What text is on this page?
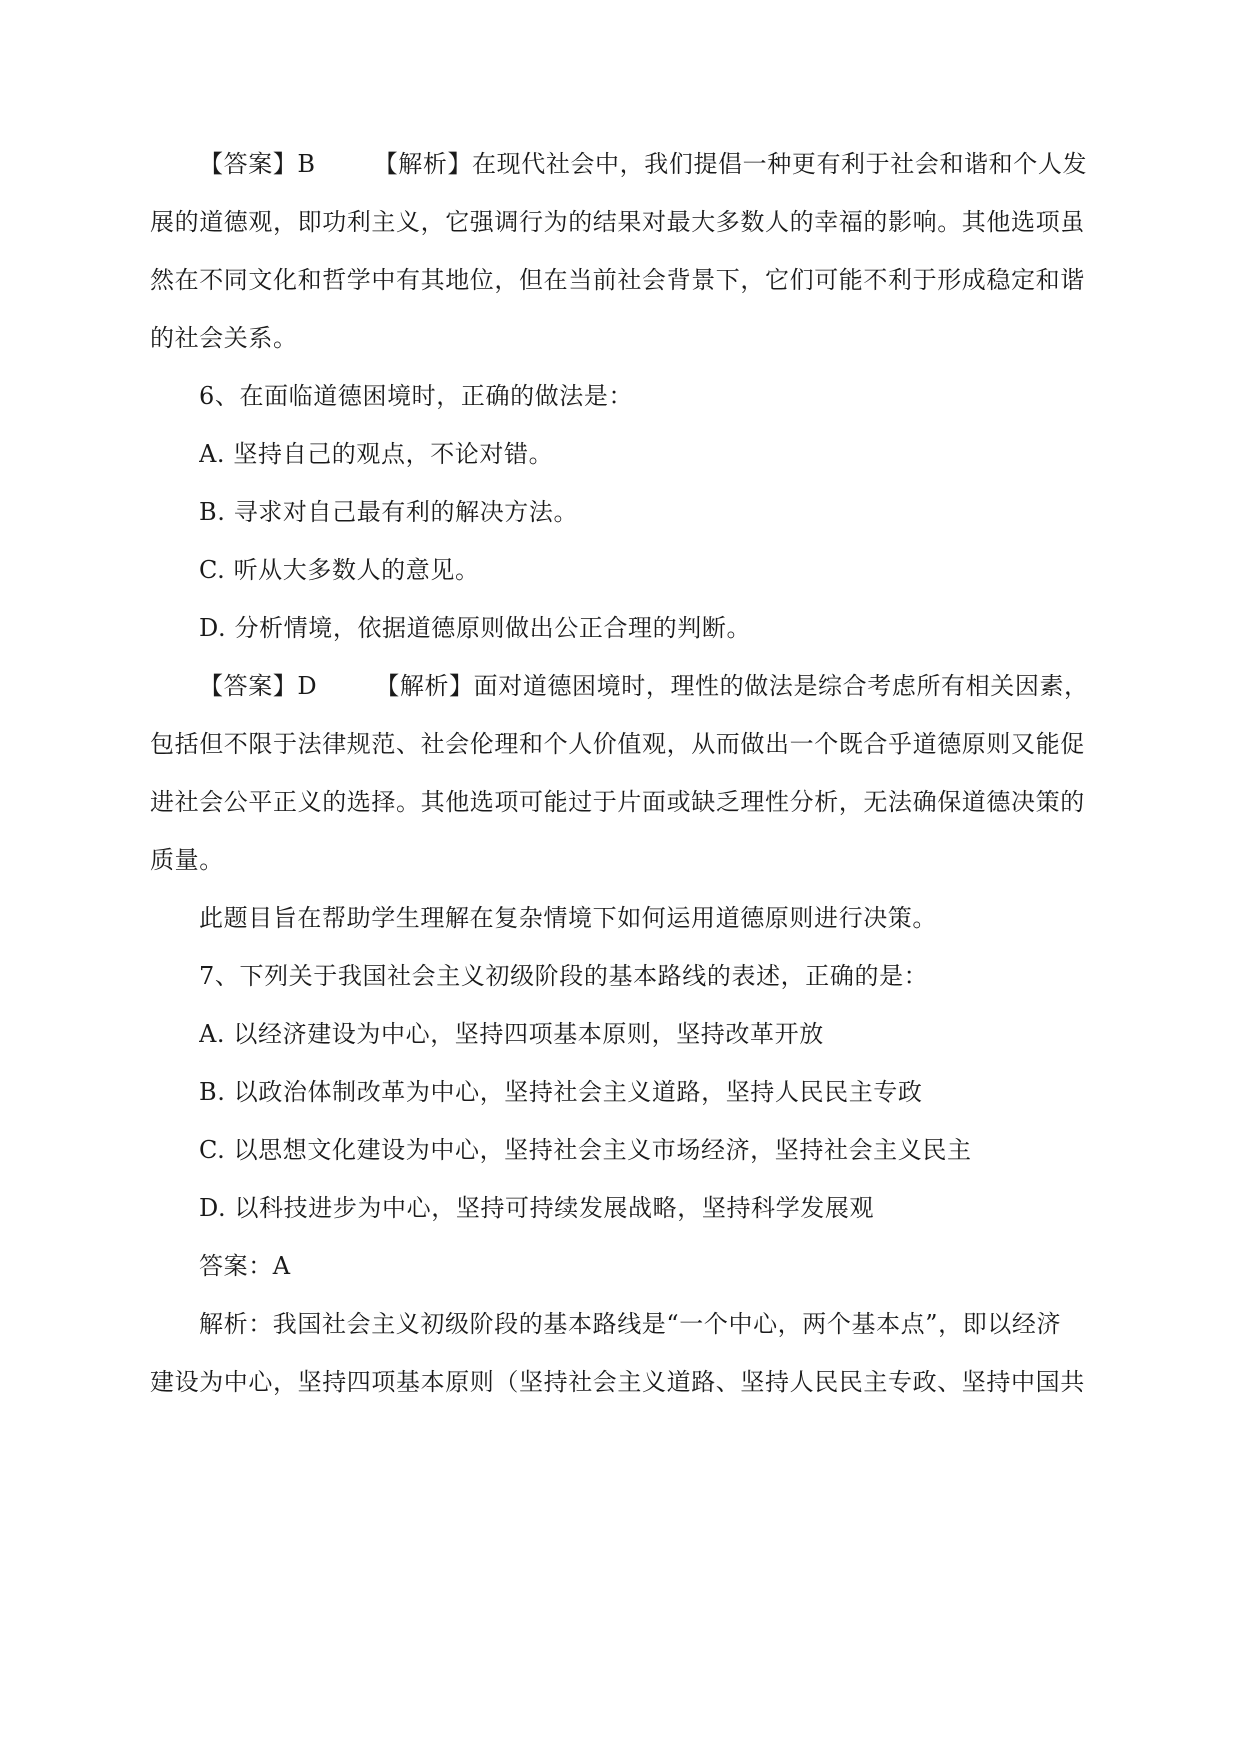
【答案】B 【解析】在现代社会中，我们提倡一种更有利于社会和谐和个人发
展的道德观，即功利主义，它强调行为的结果对最大多数人的幸福的影响。其他选项虽
然在不同文化和哲学中有其地位，但在当前社会背景下，它们可能不利于形成稳定和谐
的社会关系。
6、在面临道德困境时，正确的做法是：
A. 坚持自己的观点，不论对错。
B. 寻求对自己最有利的解决方法。
C. 听从大多数人的意见。
D. 分析情境，依据道德原则做出公正合理的判断。
【答案】D 【解析】面对道德困境时，理性的做法是综合考虑所有相关因素，
包括但不限于法律规范、社会伦理和个人价值观，从而做出一个既合乎道德原则又能促
进社会公平正义的选择。其他选项可能过于片面或缺乏理性分析，无法确保道德决策的
质量。
此题目旨在帮助学生理解在复杂情境下如何运用道德原则进行决策。
7、下列关于我国社会主义初级阶段的基本路线的表述，正确的是：
A. 以经济建设为中心，坚持四项基本原则，坚持改革开放
B. 以政治体制改革为中心，坚持社会主义道路，坚持人民民主专政
C. 以思想文化建设为中心，坚持社会主义市场经济，坚持社会主义民主
D. 以科技进步为中心，坚持可持续发展战略，坚持科学发展观
答案：A
解析：我国社会主义初级阶段的基本路线是“一个中心，两个基本点”，即以经济
建设为中心，坚持四项基本原则（坚持社会主义道路、坚持人民民主专政、坚持中国共
